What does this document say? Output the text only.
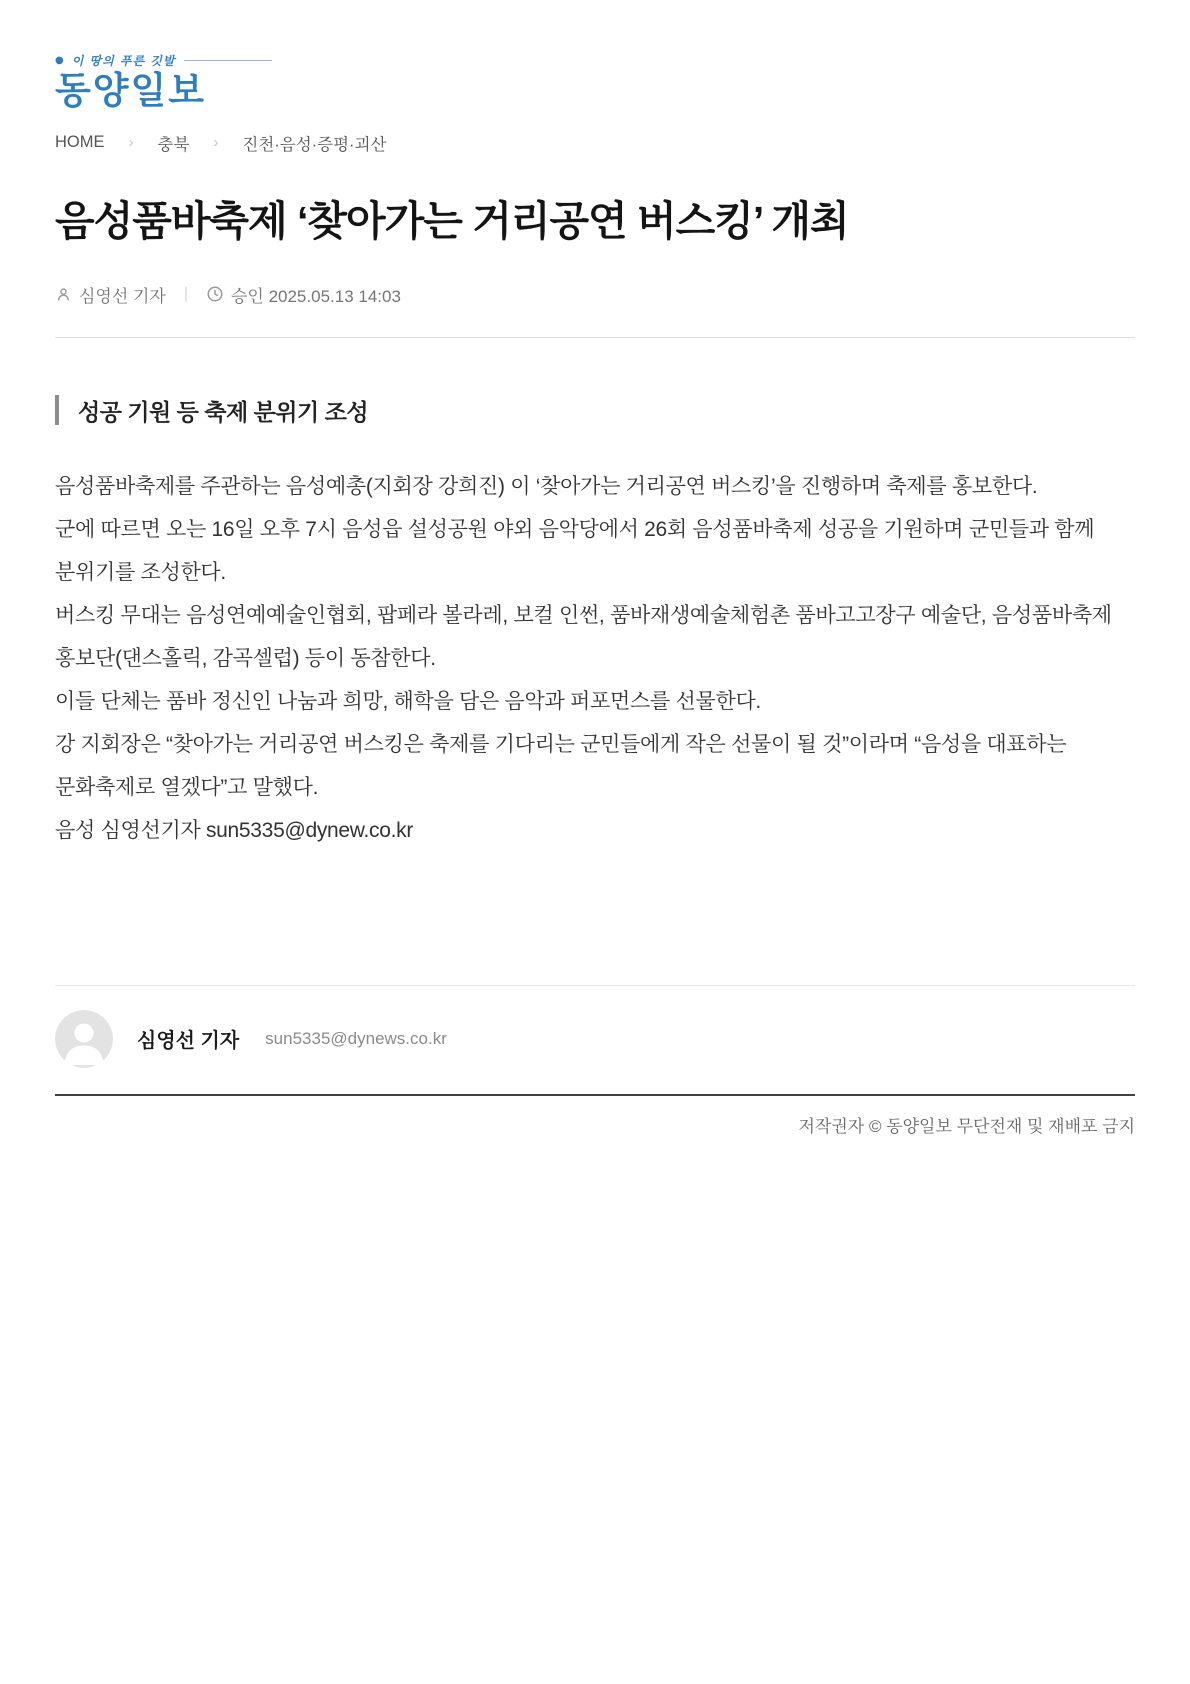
● 이 땅의 푸른 깃발
동양일보
HOME › 충북 › 진천·음성·증평·괴산
음성품바축제 ‘찾아가는 거리공연 버스킹’ 개최
심영선 기자 |	승인 2025.05.13 14:03
성공 기원 등 축제 분위기 조성

음성품바축제를 주관하는 음성예총(지회장 강희진) 이 ‘찾아가는 거리공연 버스킹’을 진행하며 축제를 홍보한다.

군에 따르면 오는 16일 오후 7시 음성읍 설성공원 야외 음악당에서 26회 음성품바축제 성공을 기원하며 군민들과 함께 분위기를 조성한다.

버스킹 무대는 음성연예예술인협회, 팝페라 볼라레, 보컬 인썬, 품바재생예술체험촌 품바고고장구 예술단, 음성품바축제 홍보단(댄스홀릭, 감곡셀럽) 등이 동참한다.

이들 단체는 품바 정신인 나눔과 희망, 해학을 담은 음악과 퍼포먼스를 선물한다.

강 지회장은 “찾아가는 거리공연 버스킹은 축제를 기다리는 군민들에게 작은 선물이 될 것”이라며 “음성을 대표하는 문화축제로 열겠다”고 말했다.

음성 심영선기자 sun5335@dynew.co.kr

심영선 기자 sun5335@dynews.co.kr
저작권자 © 동양일보 무단전재 및 재배포 금지
